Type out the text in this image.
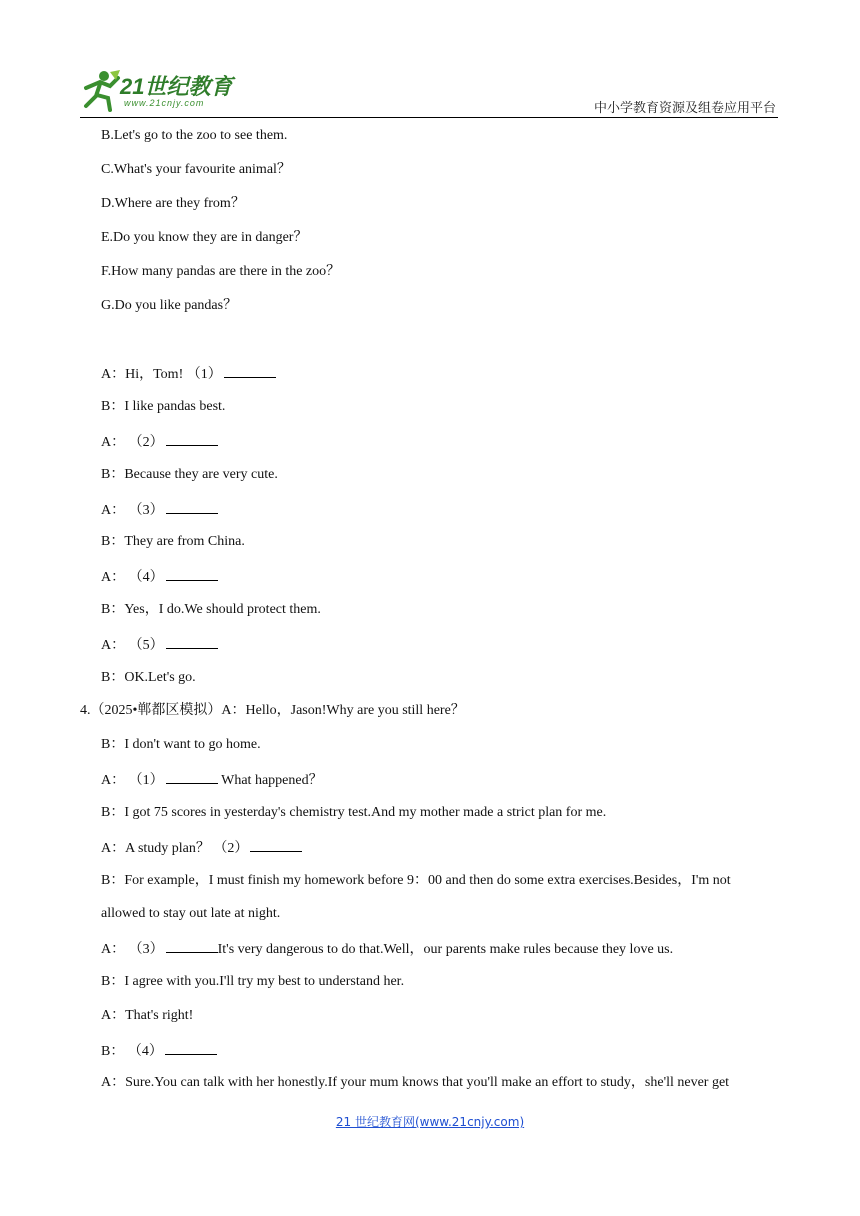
21世纪教育
www.21cnjy.com	中小学教育资源及组卷应用平台
B.Let's go to the zoo to see them.
C.What's your favourite animal？
D.Where are they from？
E.Do you know they are in danger？
F.How many pandas are there in the zoo？
G.Do you like pandas？
A：Hi，Tom! （1）
B：I like pandas best.
A： （2）
B：Because they are very cute.
A： （3）
B：They are from China.
A： （4）
B：Yes，I do.We should protect them.
A： （5）
B：OK.Let's go.
4.（2025•郸都区模拟）A：Hello，Jason!Why are you still here？
B：I don't want to go home.
A： （1）	What happened？
B：I got 75 scores in yesterday's chemistry test.And my mother made a strict plan for me.
A：A study plan？ （2）
B：For example，I must finish my homework before 9：00 and then do some extra exercises.Besides，I'm not
allowed to stay out late at night.
A： （3）	It's very dangerous to do that.Well，our parents make rules because they love us.
B：I agree with you.I'll try my best to understand her.
A：That's right!
B： （4）
A：Sure.You can talk with her honestly.If your mum knows that you'll make an effort to study，she'll never get
21 世纪教育网(www.21cnjy.com)
